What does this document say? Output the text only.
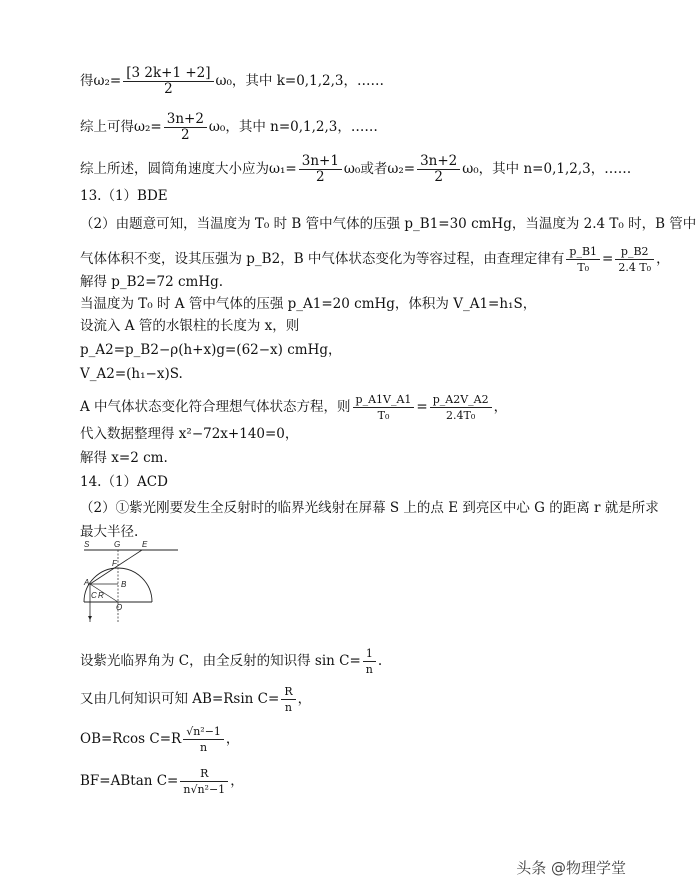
得$\omega_2= \frac{[3 2k+1 +2]}{2} \omega_0$，其中 k=0,1,2,3，……
综上可得$\omega_2= \frac{3n+2}{2} \omega_0$，其中 n=0,1,2,3，……
综上所述，圆筒角速度大小应为$\omega_1= \frac{3n+1}{2} \omega_0$或者$\omega_2= \frac{3n+2}{2} \omega_0$，其中 n=0,1,2,3，……
13.（1）BDE
（2）由题意可知，当温度为 T₀ 时 B 管中气体的压强 p_B1=30 cmHg，当温度为 2.4 T₀ 时，B 管中
气体体积不变，设其压强为 p_B2，B 中气体状态变化为等容过程，由查理定律有 $\frac{p\_B1}{\text{T₀}} = \frac{p\_B2}{\text{2.4 T₀}}$ ，
解得 p_B2=72 cmHg.
当温度为 T₀ 时 A 管中气体的压强 p_A1=20 cmHg，体积为 V_A1=h₁S，
设流入 A 管的水银柱的长度为 x，则
p_A2=p_B2−ρ(h+x)g=(62−x) cmHg，
V_A2=(h₁−x)S.
A 中气体状态变化符合理想气体状态方程，则 $\frac{p\_A1V\_A1}{\text{T₀}} = \frac{p\_A2V\_A2}{\text{2.4T₀}}$ ，
代入数据整理得 x²−72x+140=0，
解得 x=2 cm.
14.（1）ACD
（2）①紫光刚要发生全反射时的临界光线射在屏幕 S 上的点 E 到亮区中心 G 的距离 r 就是所求
最大半径.
S	G	E
F
A	B
C R
O
设紫光临界角为 C，由全反射的知识得 $\sin C= \frac{1}{n}$ .
又由几何知识可知 AB=Rsin $C= \frac{R}{n}$ ，
OB=Rcos $C=R \frac{\text{√n²−1}}{n}$ ，
BF=ABtan $C= \frac{R}{\text{n√n²−1}}$ ，
头条 @物理学堂
